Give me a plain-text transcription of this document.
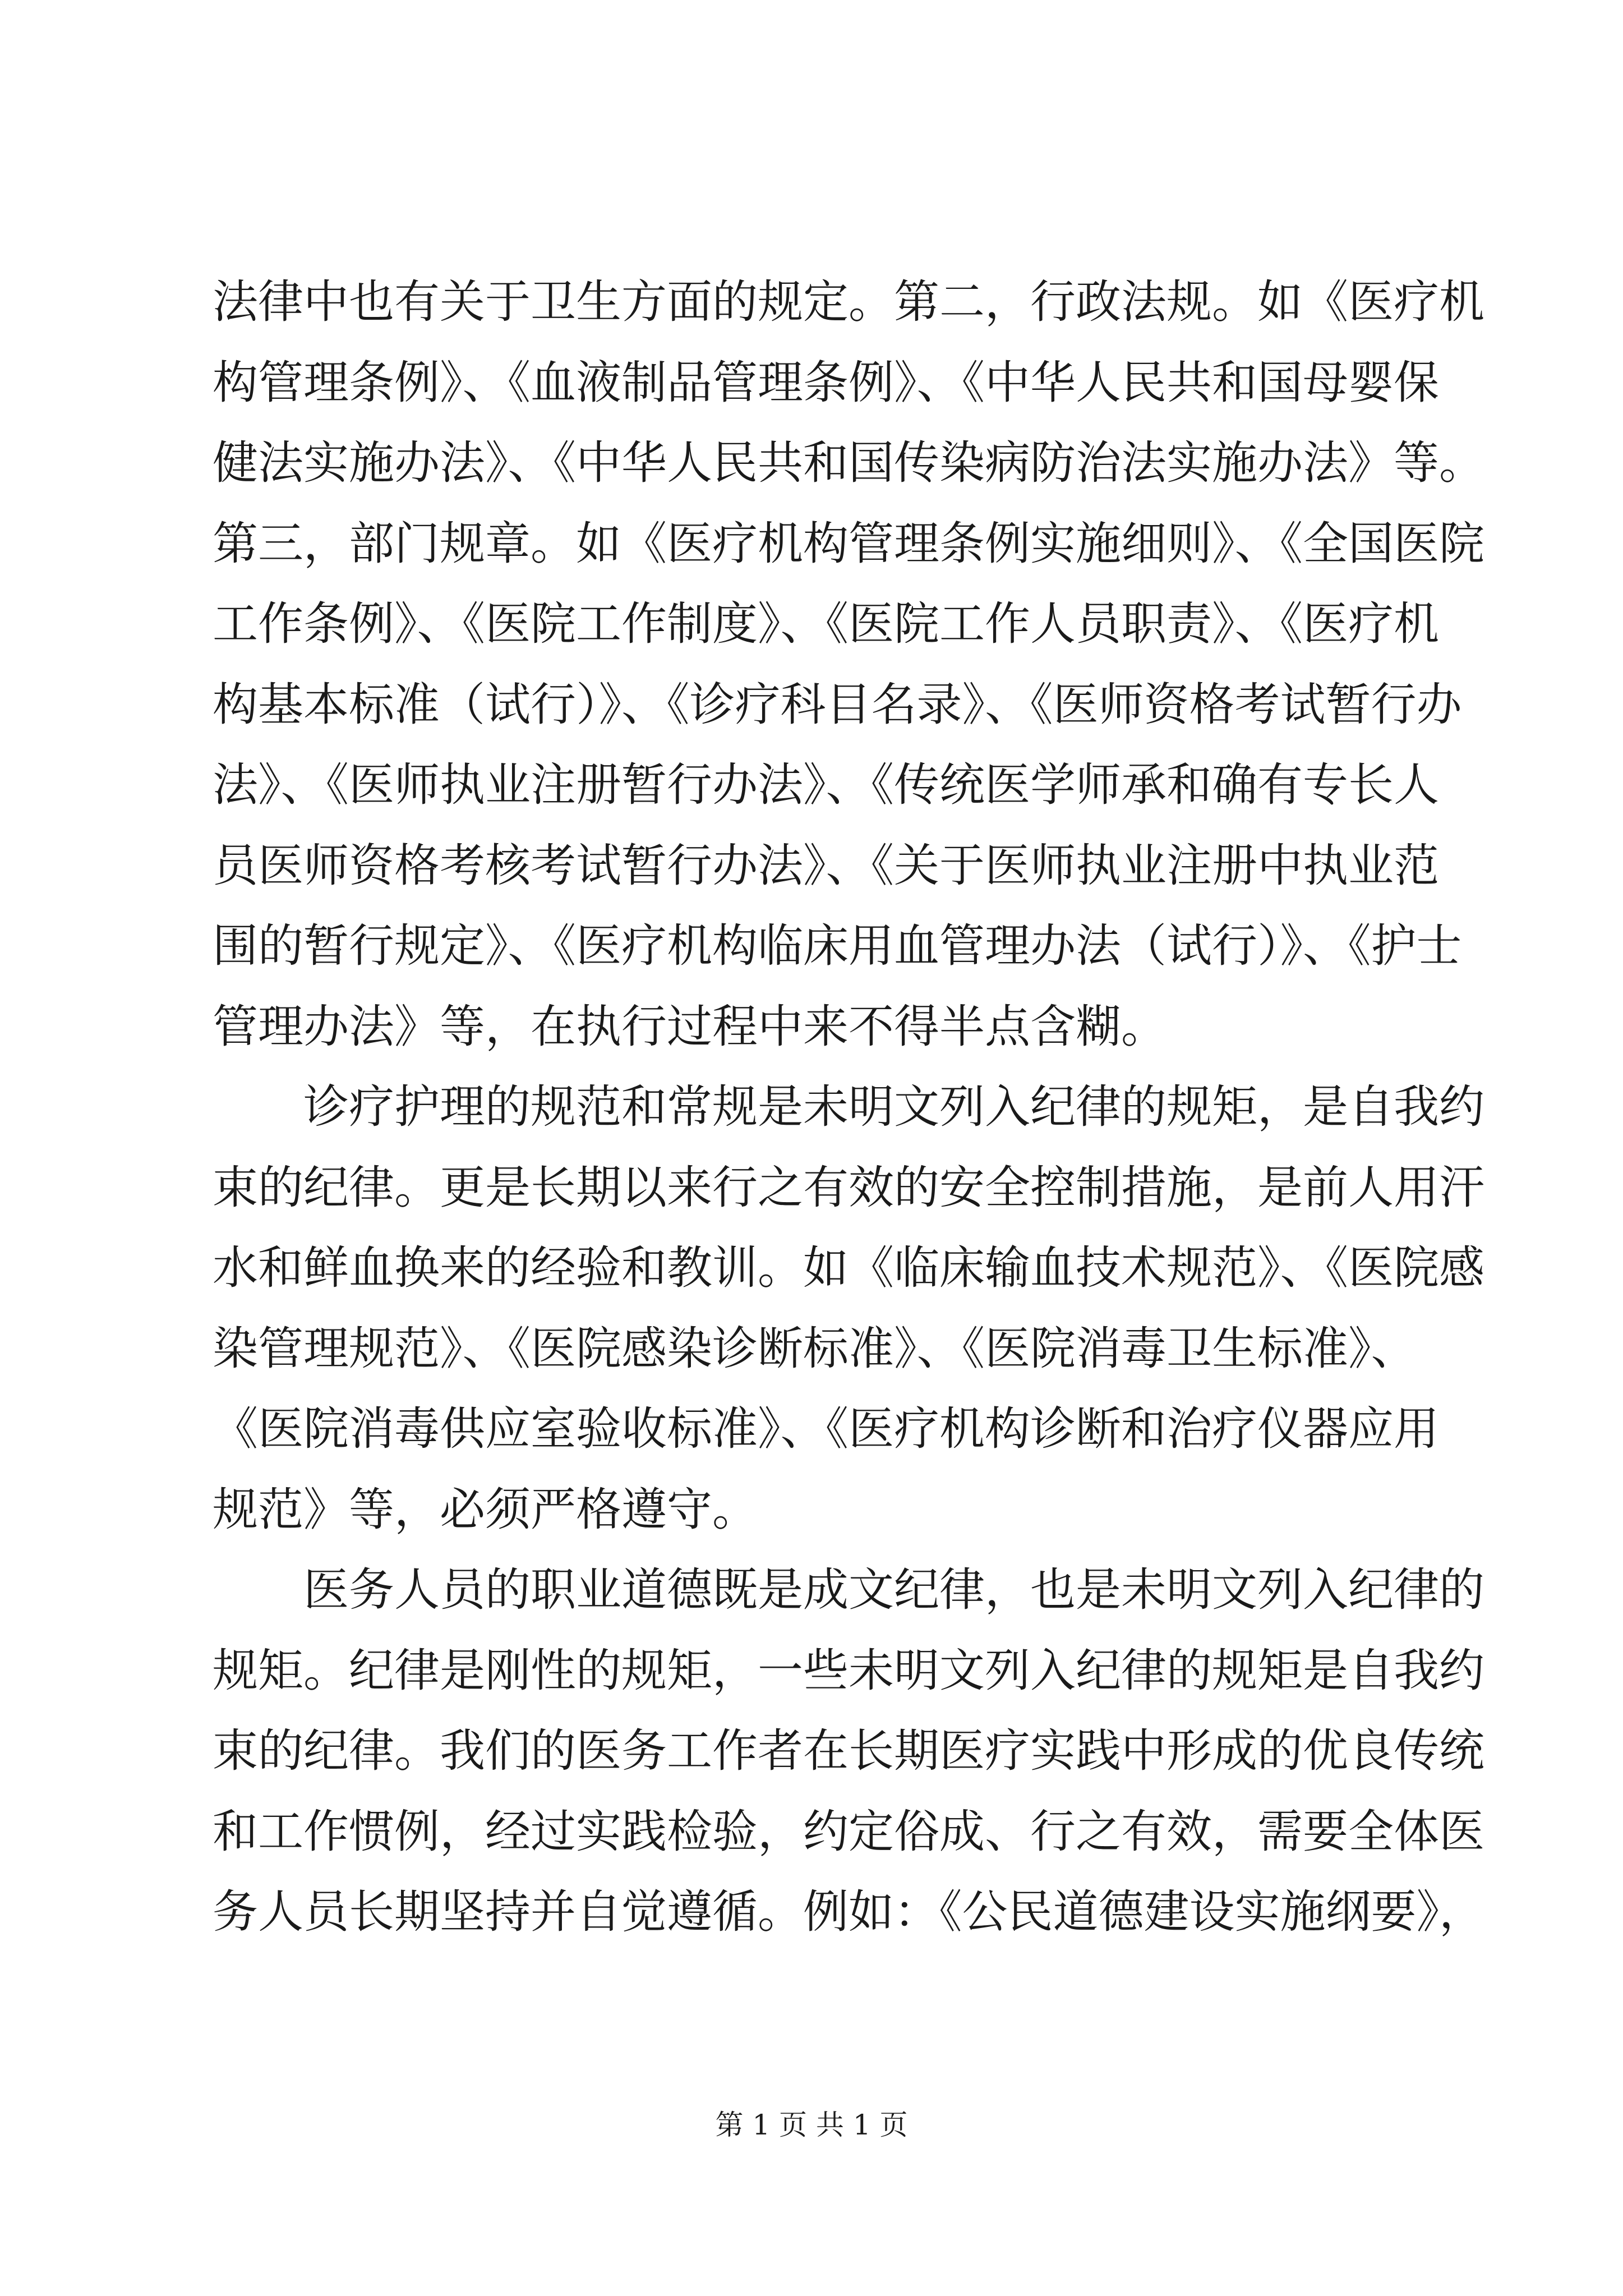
法律中也有关于卫生方面的规定。第二，行政法规。如《医疗机
构管理条例》、《血液制品管理条例》、《中华人民共和国母婴保
健法实施办法》、《中华人民共和国传染病防治法实施办法》等。
第三，部门规章。如《医疗机构管理条例实施细则》、《全国医院
工作条例》、《医院工作制度》、《医院工作人员职责》、《医疗机
构基本标准（试行）》、《诊疗科目名录》、《医师资格考试暂行办
法》、《医师执业注册暂行办法》、《传统医学师承和确有专长人
员医师资格考核考试暂行办法》、《关于医师执业注册中执业范
围的暂行规定》、《医疗机构临床用血管理办法（试行）》、《护士
管理办法》等，在执行过程中来不得半点含糊。
诊疗护理的规范和常规是未明文列入纪律的规矩，是自我约
束的纪律。更是长期以来行之有效的安全控制措施，是前人用汗
水和鲜血换来的经验和教训。如《临床输血技术规范》、《医院感
染管理规范》、《医院感染诊断标准》、《医院消毒卫生标准》、
《医院消毒供应室验收标准》、《医疗机构诊断和治疗仪器应用
规范》等，必须严格遵守。
医务人员的职业道德既是成文纪律，也是未明文列入纪律的
规矩。纪律是刚性的规矩，一些未明文列入纪律的规矩是自我约
束的纪律。我们的医务工作者在长期医疗实践中形成的优良传统
和工作惯例，经过实践检验，约定俗成、行之有效，需要全体医
务人员长期坚持并自觉遵循。例如：《公民道德建设实施纲要》，
第 1 页 共 1 页
